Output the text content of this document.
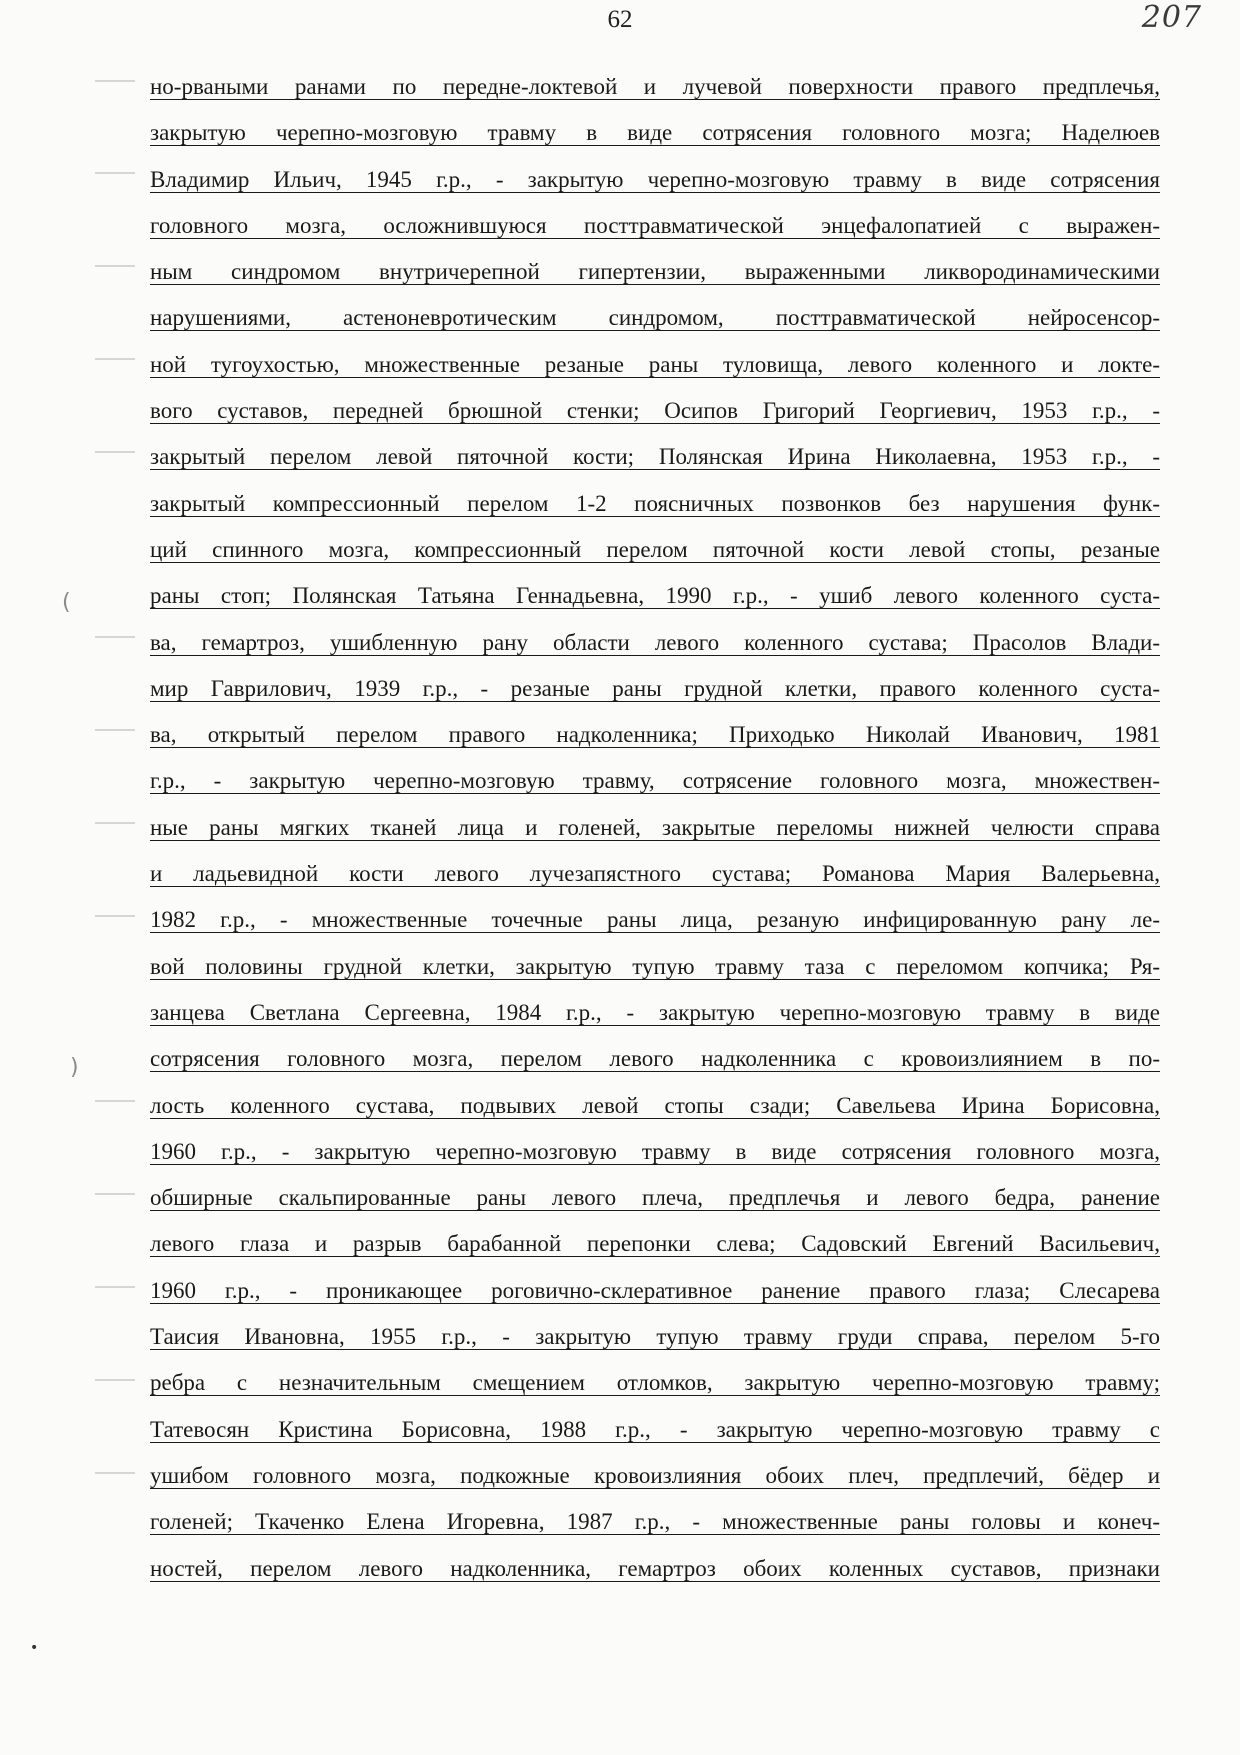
62	207
(
)
•
но-рваными ранами по передне-локтевой и лучевой поверхности правого предплечья,
закрытую черепно-мозговую травму в виде сотрясения головного мозга; Наделюев
Владимир Ильич, 1945 г.р., - закрытую черепно-мозговую травму в виде сотрясения
головного мозга, осложнившуюся посттравматической энцефалопатией с выражен-
ным синдромом внутричерепной гипертензии, выраженными ликвородинамическими
нарушениями, астеноневротическим синдромом, посттравматической нейросенсор-
ной тугоухостью, множественные резаные раны туловища, левого коленного и локте-
вого суставов, передней брюшной стенки; Осипов Григорий Георгиевич, 1953 г.р., -
закрытый перелом левой пяточной кости; Полянская Ирина Николаевна, 1953 г.р., -
закрытый компрессионный перелом 1-2 поясничных позвонков без нарушения функ-
ций спинного мозга, компрессионный перелом пяточной кости левой стопы, резаные
раны стоп; Полянская Татьяна Геннадьевна, 1990 г.р., - ушиб левого коленного суста-
ва, гемартроз, ушибленную рану области левого коленного сустава; Прасолов Влади-
мир Гаврилович, 1939 г.р., - резаные раны грудной клетки, правого коленного суста-
ва, открытый перелом правого надколенника; Приходько Николай Иванович, 1981
г.р., - закрытую черепно-мозговую травму, сотрясение головного мозга, множествен-
ные раны мягких тканей лица и голеней, закрытые переломы нижней челюсти справа
и ладьевидной кости левого лучезапястного сустава; Романова Мария Валерьевна,
1982 г.р., - множественные точечные раны лица, резаную инфицированную рану ле-
вой половины грудной клетки, закрытую тупую травму таза с переломом копчика; Ря-
занцева Светлана Сергеевна, 1984 г.р., - закрытую черепно-мозговую травму в виде
сотрясения головного мозга, перелом левого надколенника с кровоизлиянием в по-
лость коленного сустава, подвывих левой стопы сзади; Савельева Ирина Борисовна,
1960 г.р., - закрытую черепно-мозговую травму в виде сотрясения головного мозга,
обширные скальпированные раны левого плеча, предплечья и левого бедра, ранение
левого глаза и разрыв барабанной перепонки слева; Садовский Евгений Васильевич,
1960 г.р., - проникающее роговично-склеративное ранение правого глаза; Слесарева
Таисия Ивановна, 1955 г.р., - закрытую тупую травму груди справа, перелом 5-го
ребра с незначительным смещением отломков, закрытую черепно-мозговую травму;
Татевосян Кристина Борисовна, 1988 г.р., - закрытую черепно-мозговую травму с
ушибом головного мозга, подкожные кровоизлияния обоих плеч, предплечий, бёдер и
голеней; Ткаченко Елена Игоревна, 1987 г.р., - множественные раны головы и конеч-
ностей, перелом левого надколенника, гемартроз обоих коленных суставов, признаки
